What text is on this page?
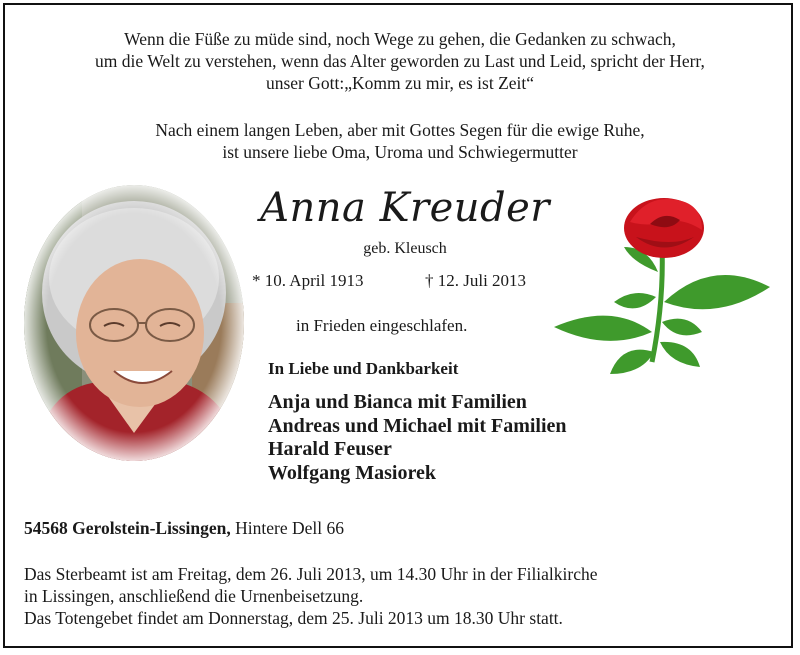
Wenn die Füße zu müde sind, noch Wege zu gehen, die Gedanken zu schwach,
um die Welt zu verstehen, wenn das Alter geworden zu Last und Leid, spricht der Herr,
unser Gott:„Komm zu mir, es ist Zeit“
Nach einem langen Leben, aber mit Gottes Segen für die ewige Ruhe,
ist unsere liebe Oma, Uroma und Schwiegermutter
Anna Kreuder
geb. Kleusch
* 10. April 1913	† 12. Juli 2013
in Frieden eingeschlafen.
In Liebe und Dankbarkeit
Anja und Bianca mit Familien
Andreas und Michael mit Familien
Harald Feuser
Wolfgang Masiorek
54568 Gerolstein-Lissingen, Hintere Dell 66
Das Sterbeamt ist am Freitag, dem 26. Juli 2013, um 14.30 Uhr in der Filialkirche
in Lissingen, anschließend die Urnenbeisetzung.
Das Totengebet findet am Donnerstag, dem 25. Juli 2013 um 18.30 Uhr statt.
